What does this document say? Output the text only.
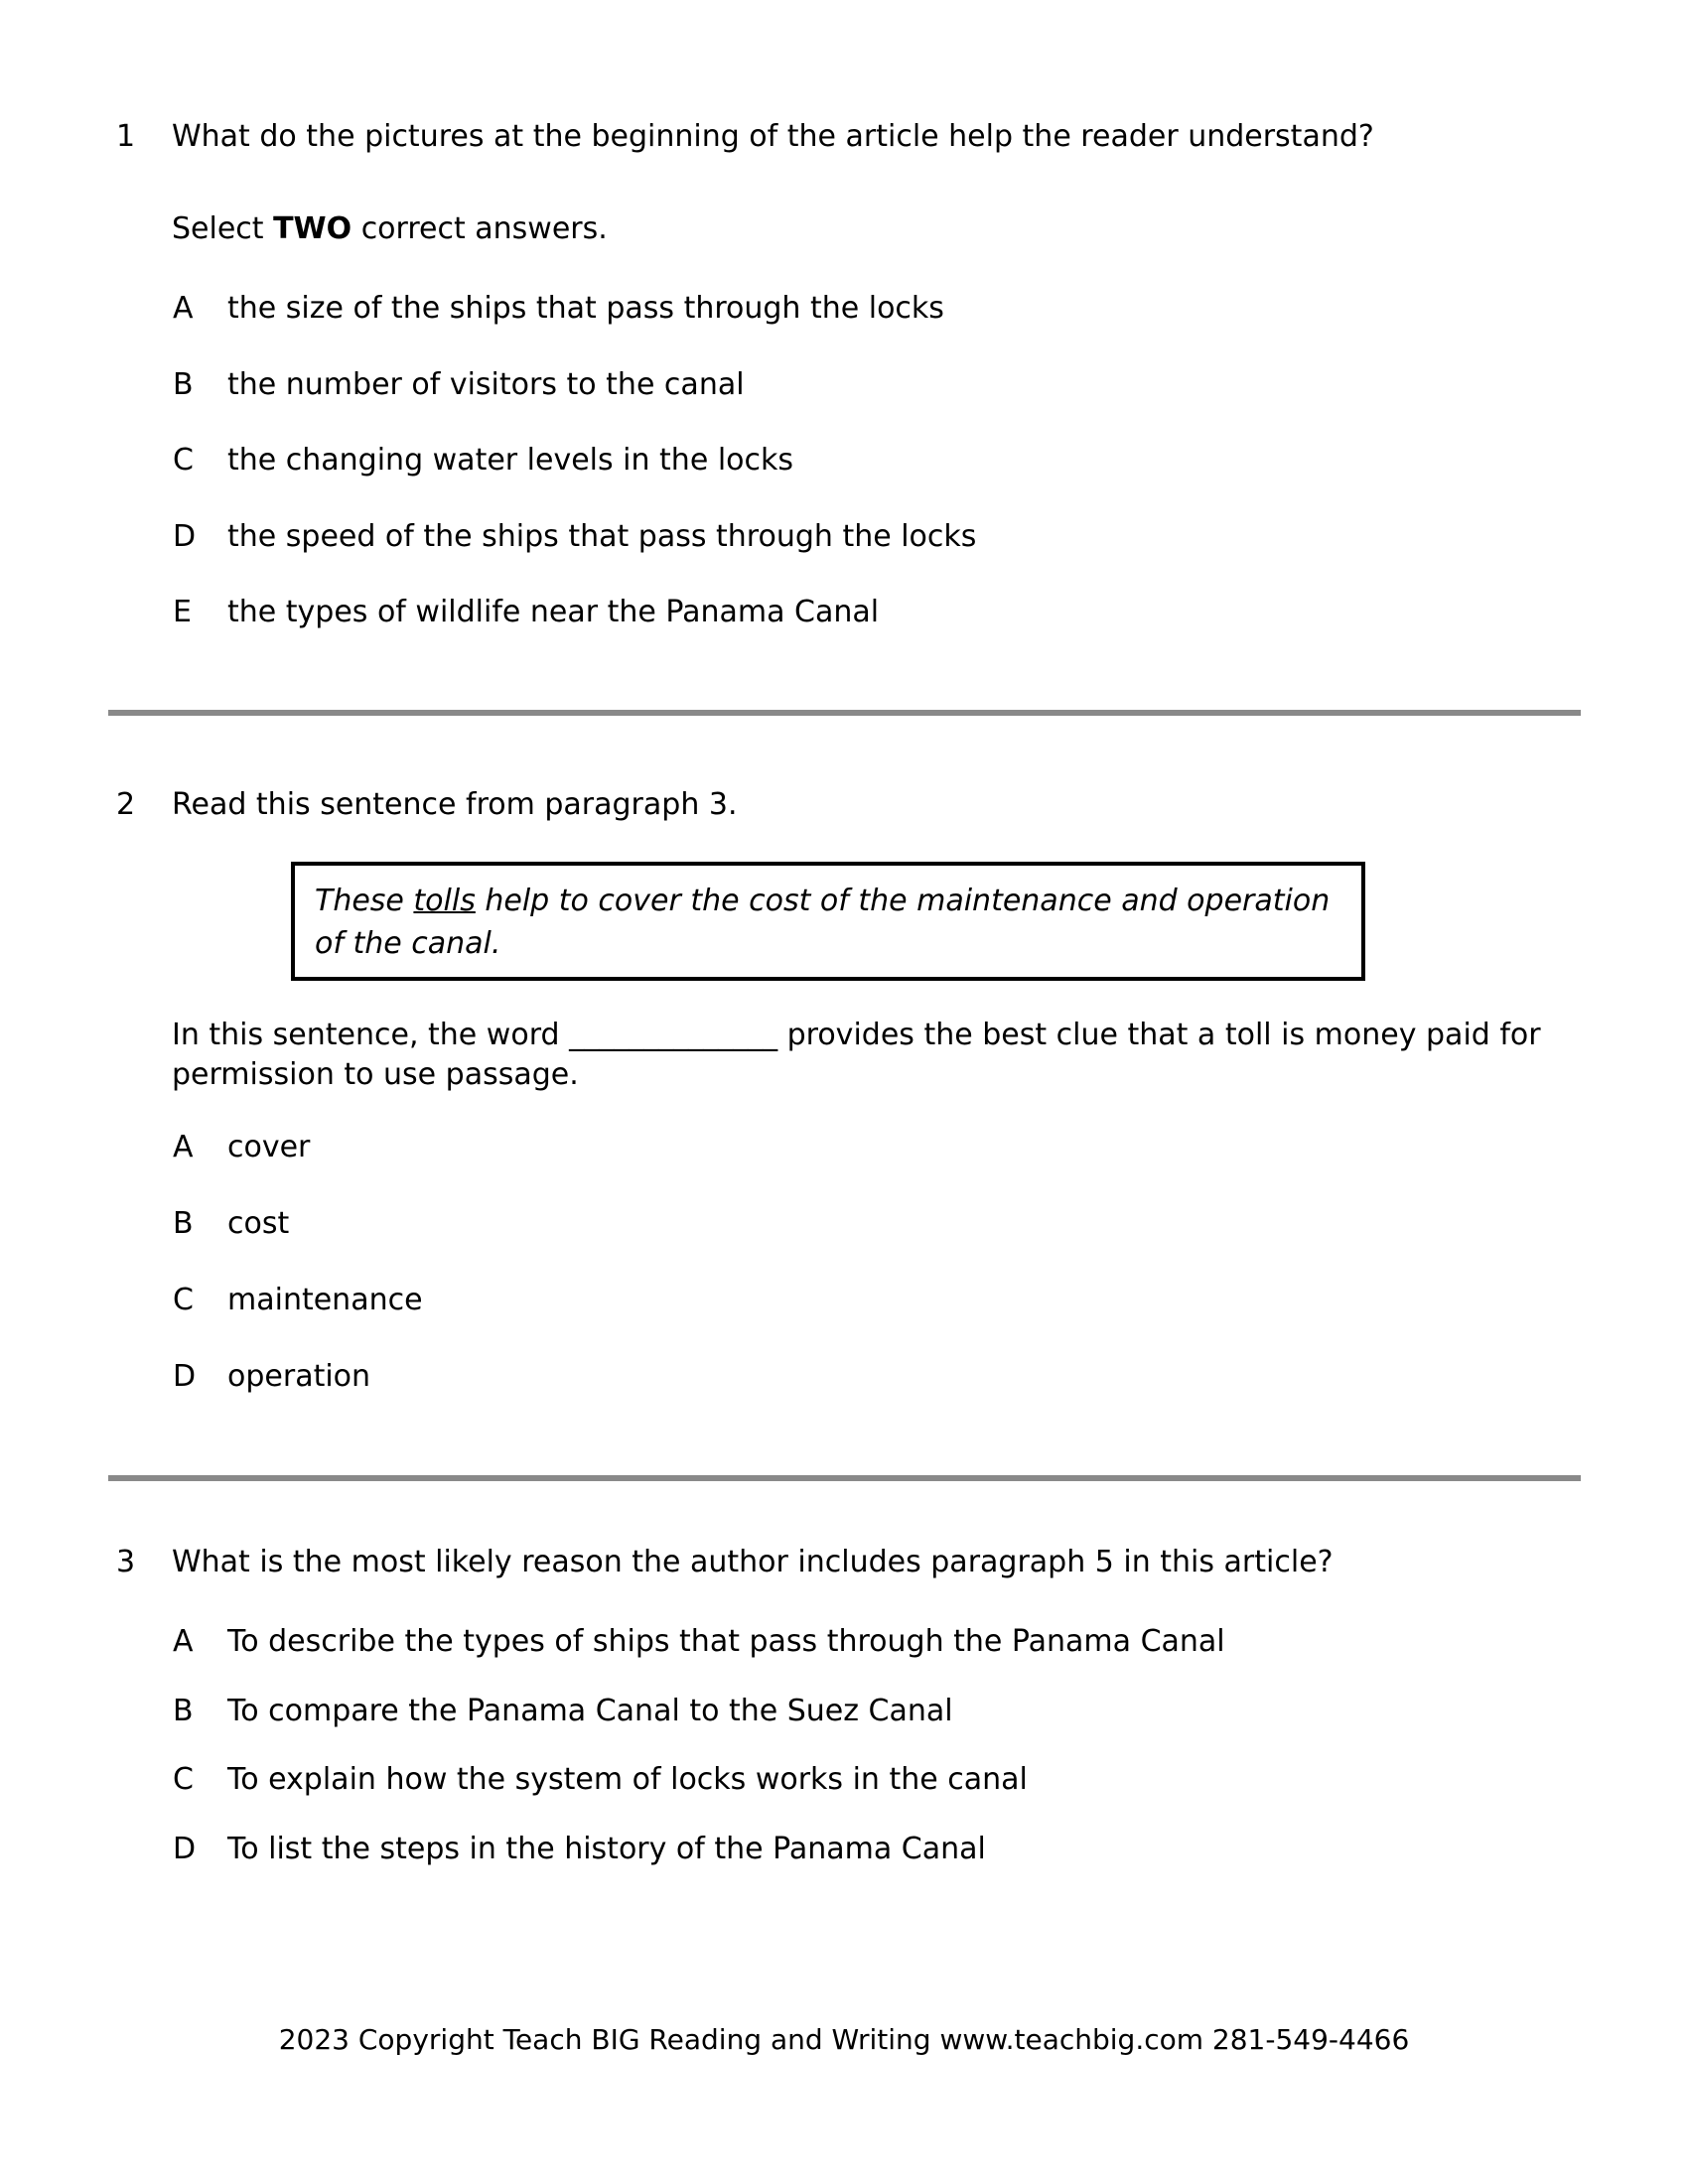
1	What do the pictures at the beginning of the article help the reader understand?
Select TWO correct answers.
A	the size of the ships that pass through the locks
B	the number of visitors to the canal
C	the changing water levels in the locks
D	the speed of the ships that pass through the locks
E	the types of wildlife near the Panama Canal
2	Read this sentence from paragraph 3.
These tolls help to cover the cost of the maintenance and operation of the canal.
In this sentence, the word ______________ provides the best clue that a toll is money paid for permission to use passage.
A	cover
B	cost
C	maintenance
D	operation
3	What is the most likely reason the author includes paragraph 5 in this article?
A	To describe the types of ships that pass through the Panama Canal
B	To compare the Panama Canal to the Suez Canal
C	To explain how the system of locks works in the canal
D	To list the steps in the history of the Panama Canal
2023 Copyright Teach BIG Reading and Writing www.teachbig.com 281-549-4466
